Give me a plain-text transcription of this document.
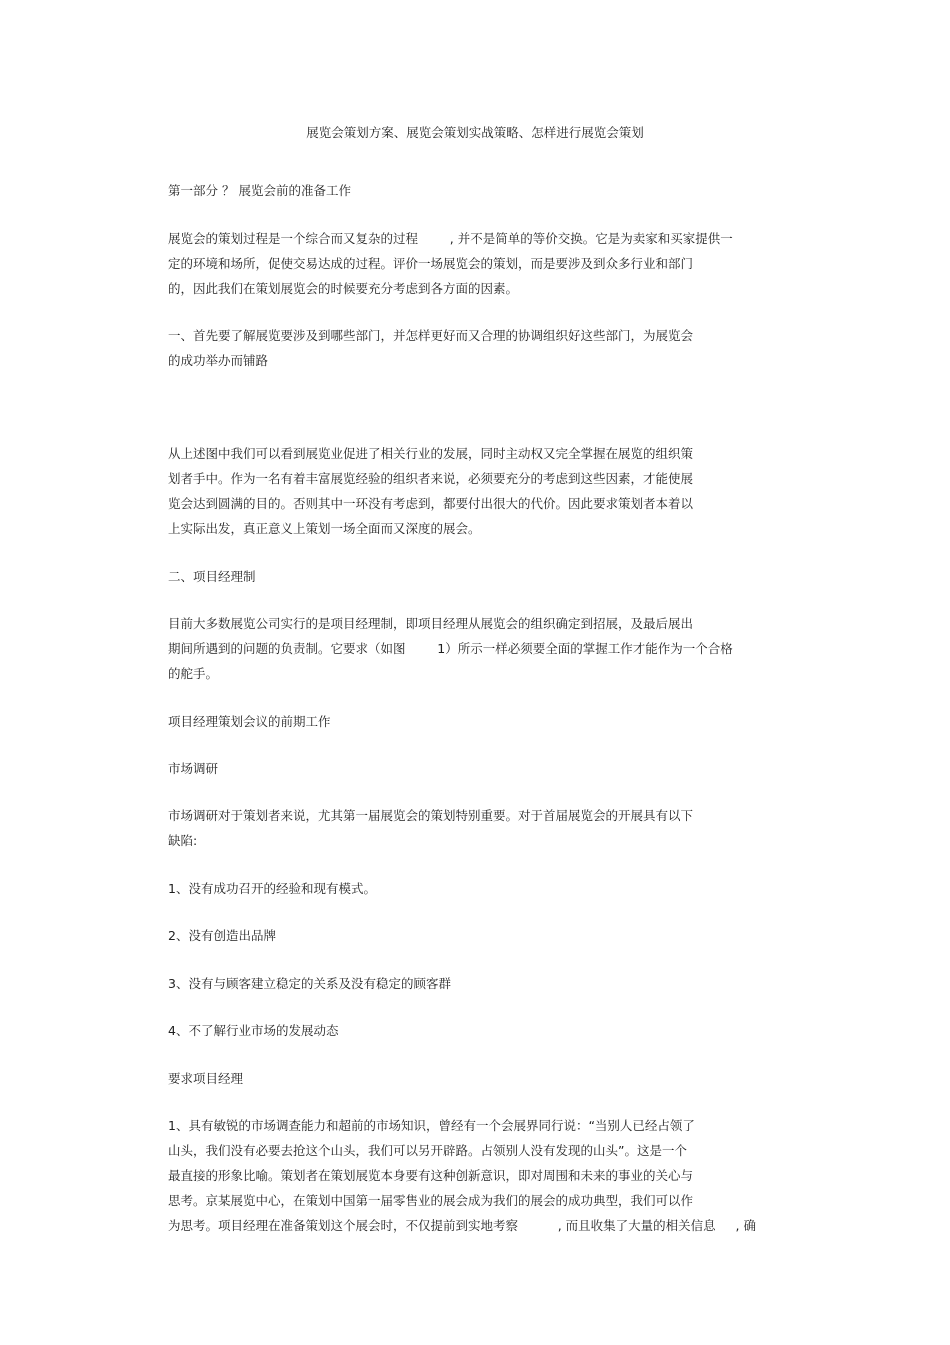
展览会策划方案、展览会策划实战策略、怎样进行展览会策划
第一部分 ？ 展览会前的准备工作
展览会的策划过程是一个综合而又复杂的过程        , 并不是简单的等价交换。它是为卖家和买家提供一
定的环境和场所，促使交易达成的过程。评价一场展览会的策划，而是要涉及到众多行业和部门
的，因此我们在策划展览会的时候要充分考虑到各方面的因素。
一、首先要了解展览要涉及到哪些部门，并怎样更好而又合理的协调组织好这些部门，为展览会
的成功举办而铺路
从上述图中我们可以看到展览业促进了相关行业的发展，同时主动权又完全掌握在展览的组织策
划者手中。作为一名有着丰富展览经验的组织者来说，必须要充分的考虑到这些因素，才能使展
览会达到圆满的目的。否则其中一环没有考虑到，都要付出很大的代价。因此要求策划者本着以
上实际出发，真正意义上策划一场全面而又深度的展会。
二、项目经理制
目前大多数展览公司实行的是项目经理制，即项目经理从展览会的组织确定到招展，及最后展出
期间所遇到的问题的负责制。它要求（如图        1）所示一样必须要全面的掌握工作才能作为一个合格
的舵手。
项目经理策划会议的前期工作
市场调研
市场调研对于策划者来说，尤其第一届展览会的策划特别重要。对于首届展览会的开展具有以下
缺陷:
1、没有成功召开的经验和现有模式。
2、没有创造出品牌
3、没有与顾客建立稳定的关系及没有稳定的顾客群
4、不了解行业市场的发展动态
要求项目经理
1、具有敏锐的市场调查能力和超前的市场知识，曾经有一个会展界同行说：“当别人已经占领了
山头，我们没有必要去抢这个山头，我们可以另开辟路。占领别人没有发现的山头”。这是一个
最直接的形象比喻。策划者在策划展览本身要有这种创新意识，即对周围和未来的事业的关心与
思考。京某展览中心，在策划中国第一届零售业的展会成为我们的展会的成功典型，我们可以作
为思考。项目经理在准备策划这个展会时，不仅提前到实地考察          , 而且收集了大量的相关信息     , 确
